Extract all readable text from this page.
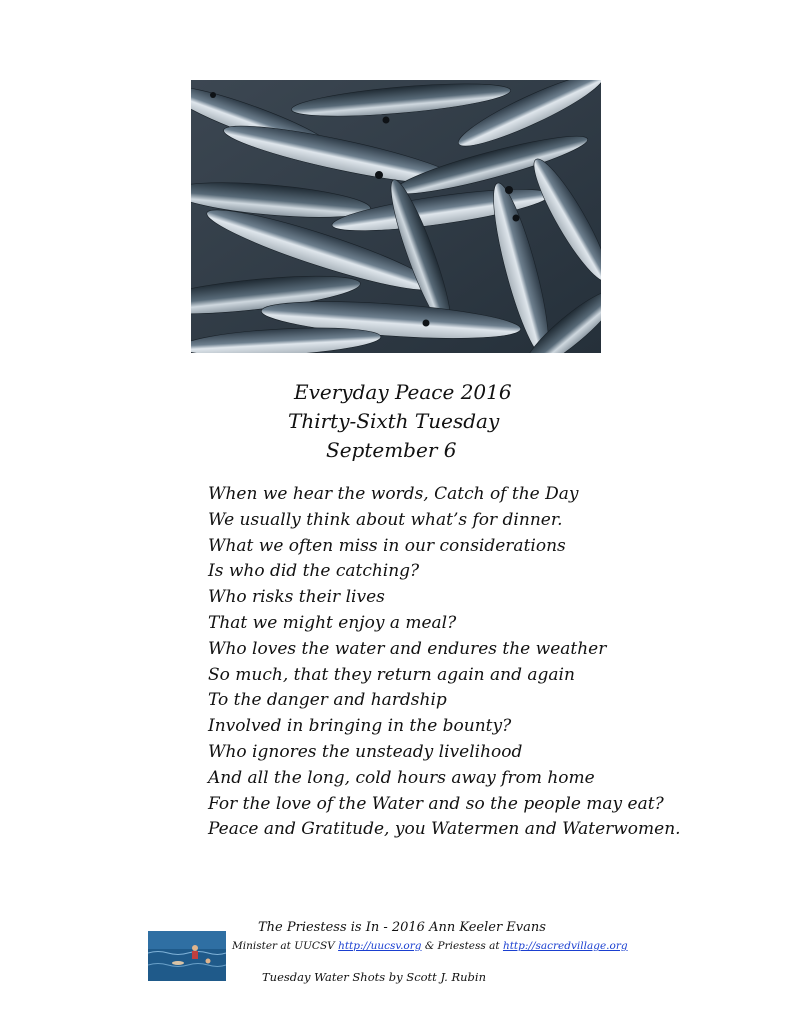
Everyday Peace 2016
Thirty-Sixth Tuesday
September 6
When we hear the words, Catch of the Day
We usually think about what’s for dinner.
What we often miss in our considerations
Is who did the catching?
Who risks their lives
That we might enjoy a meal?
Who loves the water and endures the weather
So much, that they return again and again
To the danger and hardship
Involved in bringing in the bounty?
Who ignores the unsteady livelihood
And all the long, cold hours away from home
For the love of the Water and so the people may eat?
Peace and Gratitude, you Watermen and Waterwomen.
The Priestess is In - 2016 Ann Keeler Evans
Minister at UUCSV http://uucsv.org & Priestess at http://sacredvillage.org
Tuesday Water Shots by Scott J. Rubin
